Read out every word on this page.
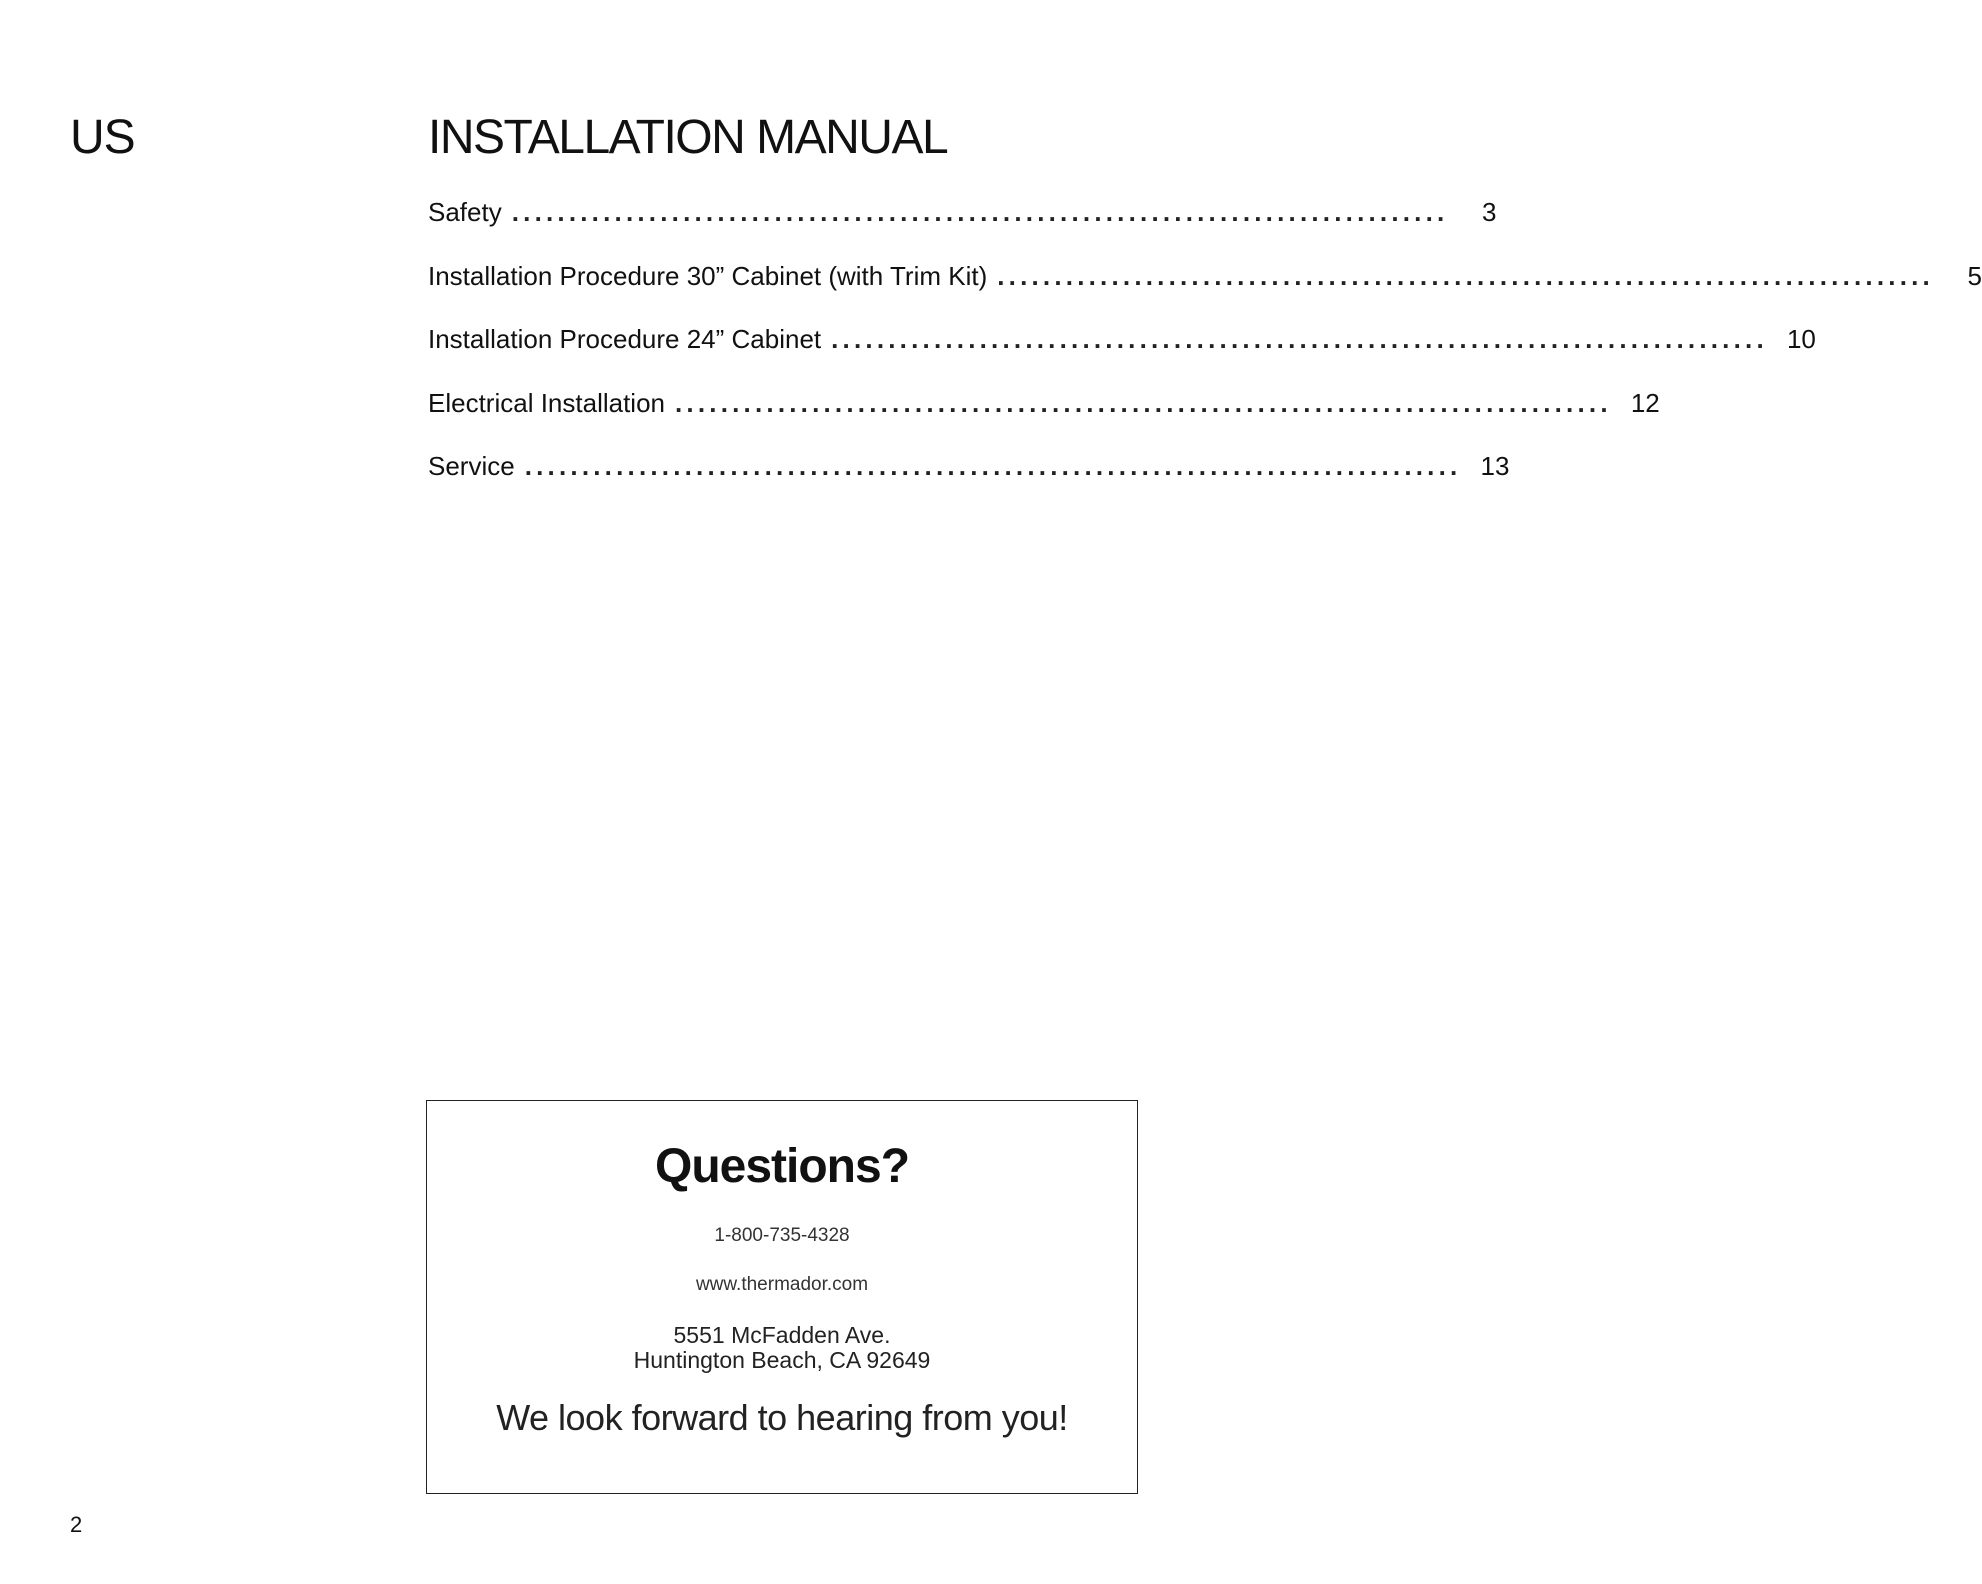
US	INSTALLATION MANUAL
Safety ..................................................................................	3
Installation Procedure 30” Cabinet (with Trim Kit) ..................................................................................	5
Installation Procedure 24” Cabinet .................................................................................. 10
Electrical Installation .................................................................................. 12
Service .................................................................................. 13
Questions?
1-800-735-4328
www.thermador.com
5551 McFadden Ave.
Huntington Beach, CA 92649
We look forward to hearing from you!
2
